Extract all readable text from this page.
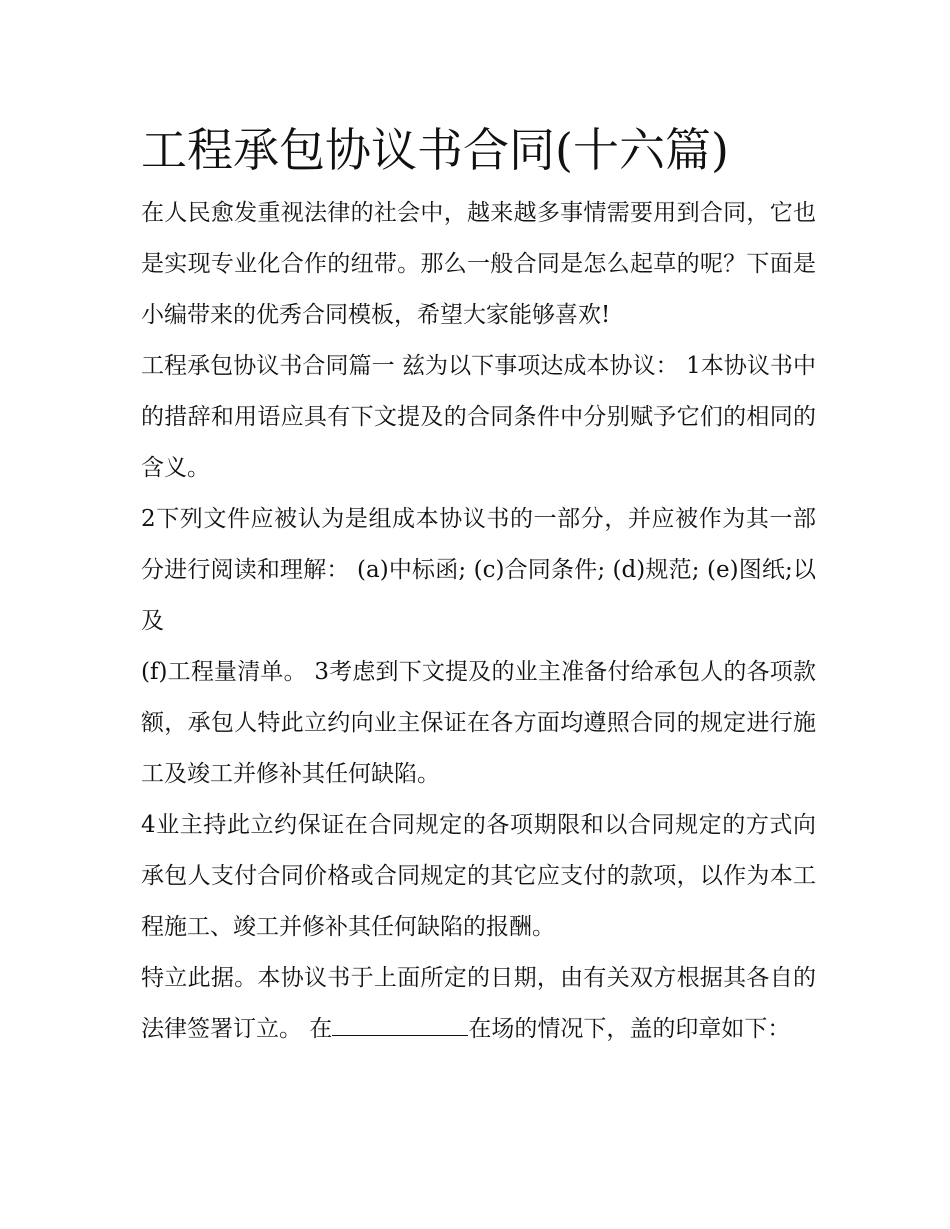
工程承包协议书合同(十六篇)

在人民愈发重视法律的社会中，越来越多事情需要用到合同，它也是实现专业化合作的纽带。那么一般合同是怎么起草的呢？下面是小编带来的优秀合同模板，希望大家能够喜欢!

工程承包协议书合同篇一 兹为以下事项达成本协议： 1本协议书中的措辞和用语应具有下文提及的合同条件中分别赋予它们的相同的含义。

2下列文件应被认为是组成本协议书的一部分，并应被作为其一部分进行阅读和理解： (a)中标函; (c)合同条件; (d)规范; (e)图纸;以及

(f)工程量清单。 3考虑到下文提及的业主准备付给承包人的各项款额，承包人特此立约向业主保证在各方面均遵照合同的规定进行施工及竣工并修补其任何缺陷。

4业主持此立约保证在合同规定的各项期限和以合同规定的方式向承包人支付合同价格或合同规定的其它应支付的款项，以作为本工程施工、竣工并修补其任何缺陷的报酬。

特立此据。本协议书于上面所定的日期，由有关双方根据其各自的法律签署订立。 在	在场的情况下，盖的印章如下：
